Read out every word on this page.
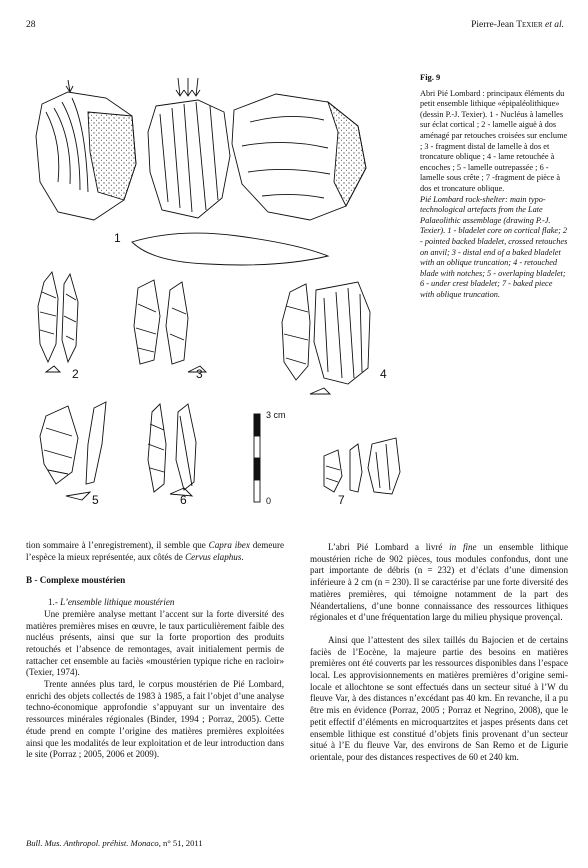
28	Pierre-Jean Texier et al.
1
2	3	4
5	6	7
3 cm
0
Fig. 9
Abri Pié Lombard : principaux éléments du petit ensemble lithique «épipaléolithique» (dessin P.-J. Texier). 1 - Nucléus à lamelles sur éclat cortical ; 2 - lamelle aiguë à dos aménagé par retouches croisées sur enclume ; 3 - fragment distal de lamelle à dos et troncature oblique ; 4 - lame retouchée à encoches ; 5 - lamelle outrepassée ; 6 - lamelle sous crête ; 7 -fragment de pièce à dos et troncature oblique.
Pié Lombard rock-shelter: main typo-technological artefacts from the Late Palaeolithic assemblage (drawing P.-J. Texier). 1 - bladelet core on cortical flake; 2 - pointed backed bladelet, crossed retouches on anvil; 3 - distal end of a baked bladelet with an oblique truncation; 4 - retouched blade with notches; 5 - overlaping bladelet; 6 - under crest bladelet; 7 - baked piece with oblique truncation.

tion sommaire à l’enregistrement), il semble que Capra ibex demeure l’espèce la mieux représentée, aux côtés de Cervus elaphus.

B - Complexe moustérien

1.- L’ensemble lithique moustérien

Une première analyse mettant l’accent sur la forte diversité des matières premières mises en œuvre, le taux particulièrement faible des nucléus présents, ainsi que sur la forte proportion des produits retouchés et l’absence de remontages, avait initialement permis de rattacher cet ensemble au faciès «moustérien typique riche en racloir» (Texier, 1974).

Trente années plus tard, le corpus moustérien de Pié Lombard, enrichi des objets collectés de 1983 à 1985, a fait l’objet d’une analyse techno-économique approfondie s’appuyant sur un inventaire des ressources minérales régionales (Binder, 1994 ; Porraz, 2005). Cette étude prend en compte l’origine des matières premières exploitées ainsi que les modalités de leur exploitation et de leur introduction dans le site (Porraz ; 2005, 2006 et 2009).

L’abri Pié Lombard a livré in fine un ensemble lithique moustérien riche de 902 pièces, tous modules confondus, dont une part importante de débris (n = 232) et d’éclats d’une dimension inférieure à 2 cm (n = 230). Il se caractérise par une forte diversité des matières premières, qui témoigne notamment de la part des Néandertaliens, d’une bonne connaissance des ressources lithiques régionales et d’une fréquentation large du milieu physique provençal.

Ainsi que l’attestent des silex taillés du Bajocien et de certains faciès de l’Eocène, la majeure partie des besoins en matières premières ont été couverts par les ressources disponibles dans l’espace local. Les approvisionnements en matières premières d’origine semi-locale et allochtone se sont effectués dans un secteur situé à l’W du fleuve Var, à des distances n’excédant pas 40 km. En revanche, il a pu être mis en évidence (Porraz, 2005 ; Porraz et Negrino, 2008), que le petit effectif d’éléments en microquartzites et jaspes présents dans cet ensemble lithique est constitué d’objets finis provenant d’un secteur situé à l’E du fleuve Var, des environs de San Remo et de Ligurie orientale, pour des distances respectives de 60 et 240 km.

Bull. Mus. Anthropol. préhist. Monaco, n° 51, 2011
